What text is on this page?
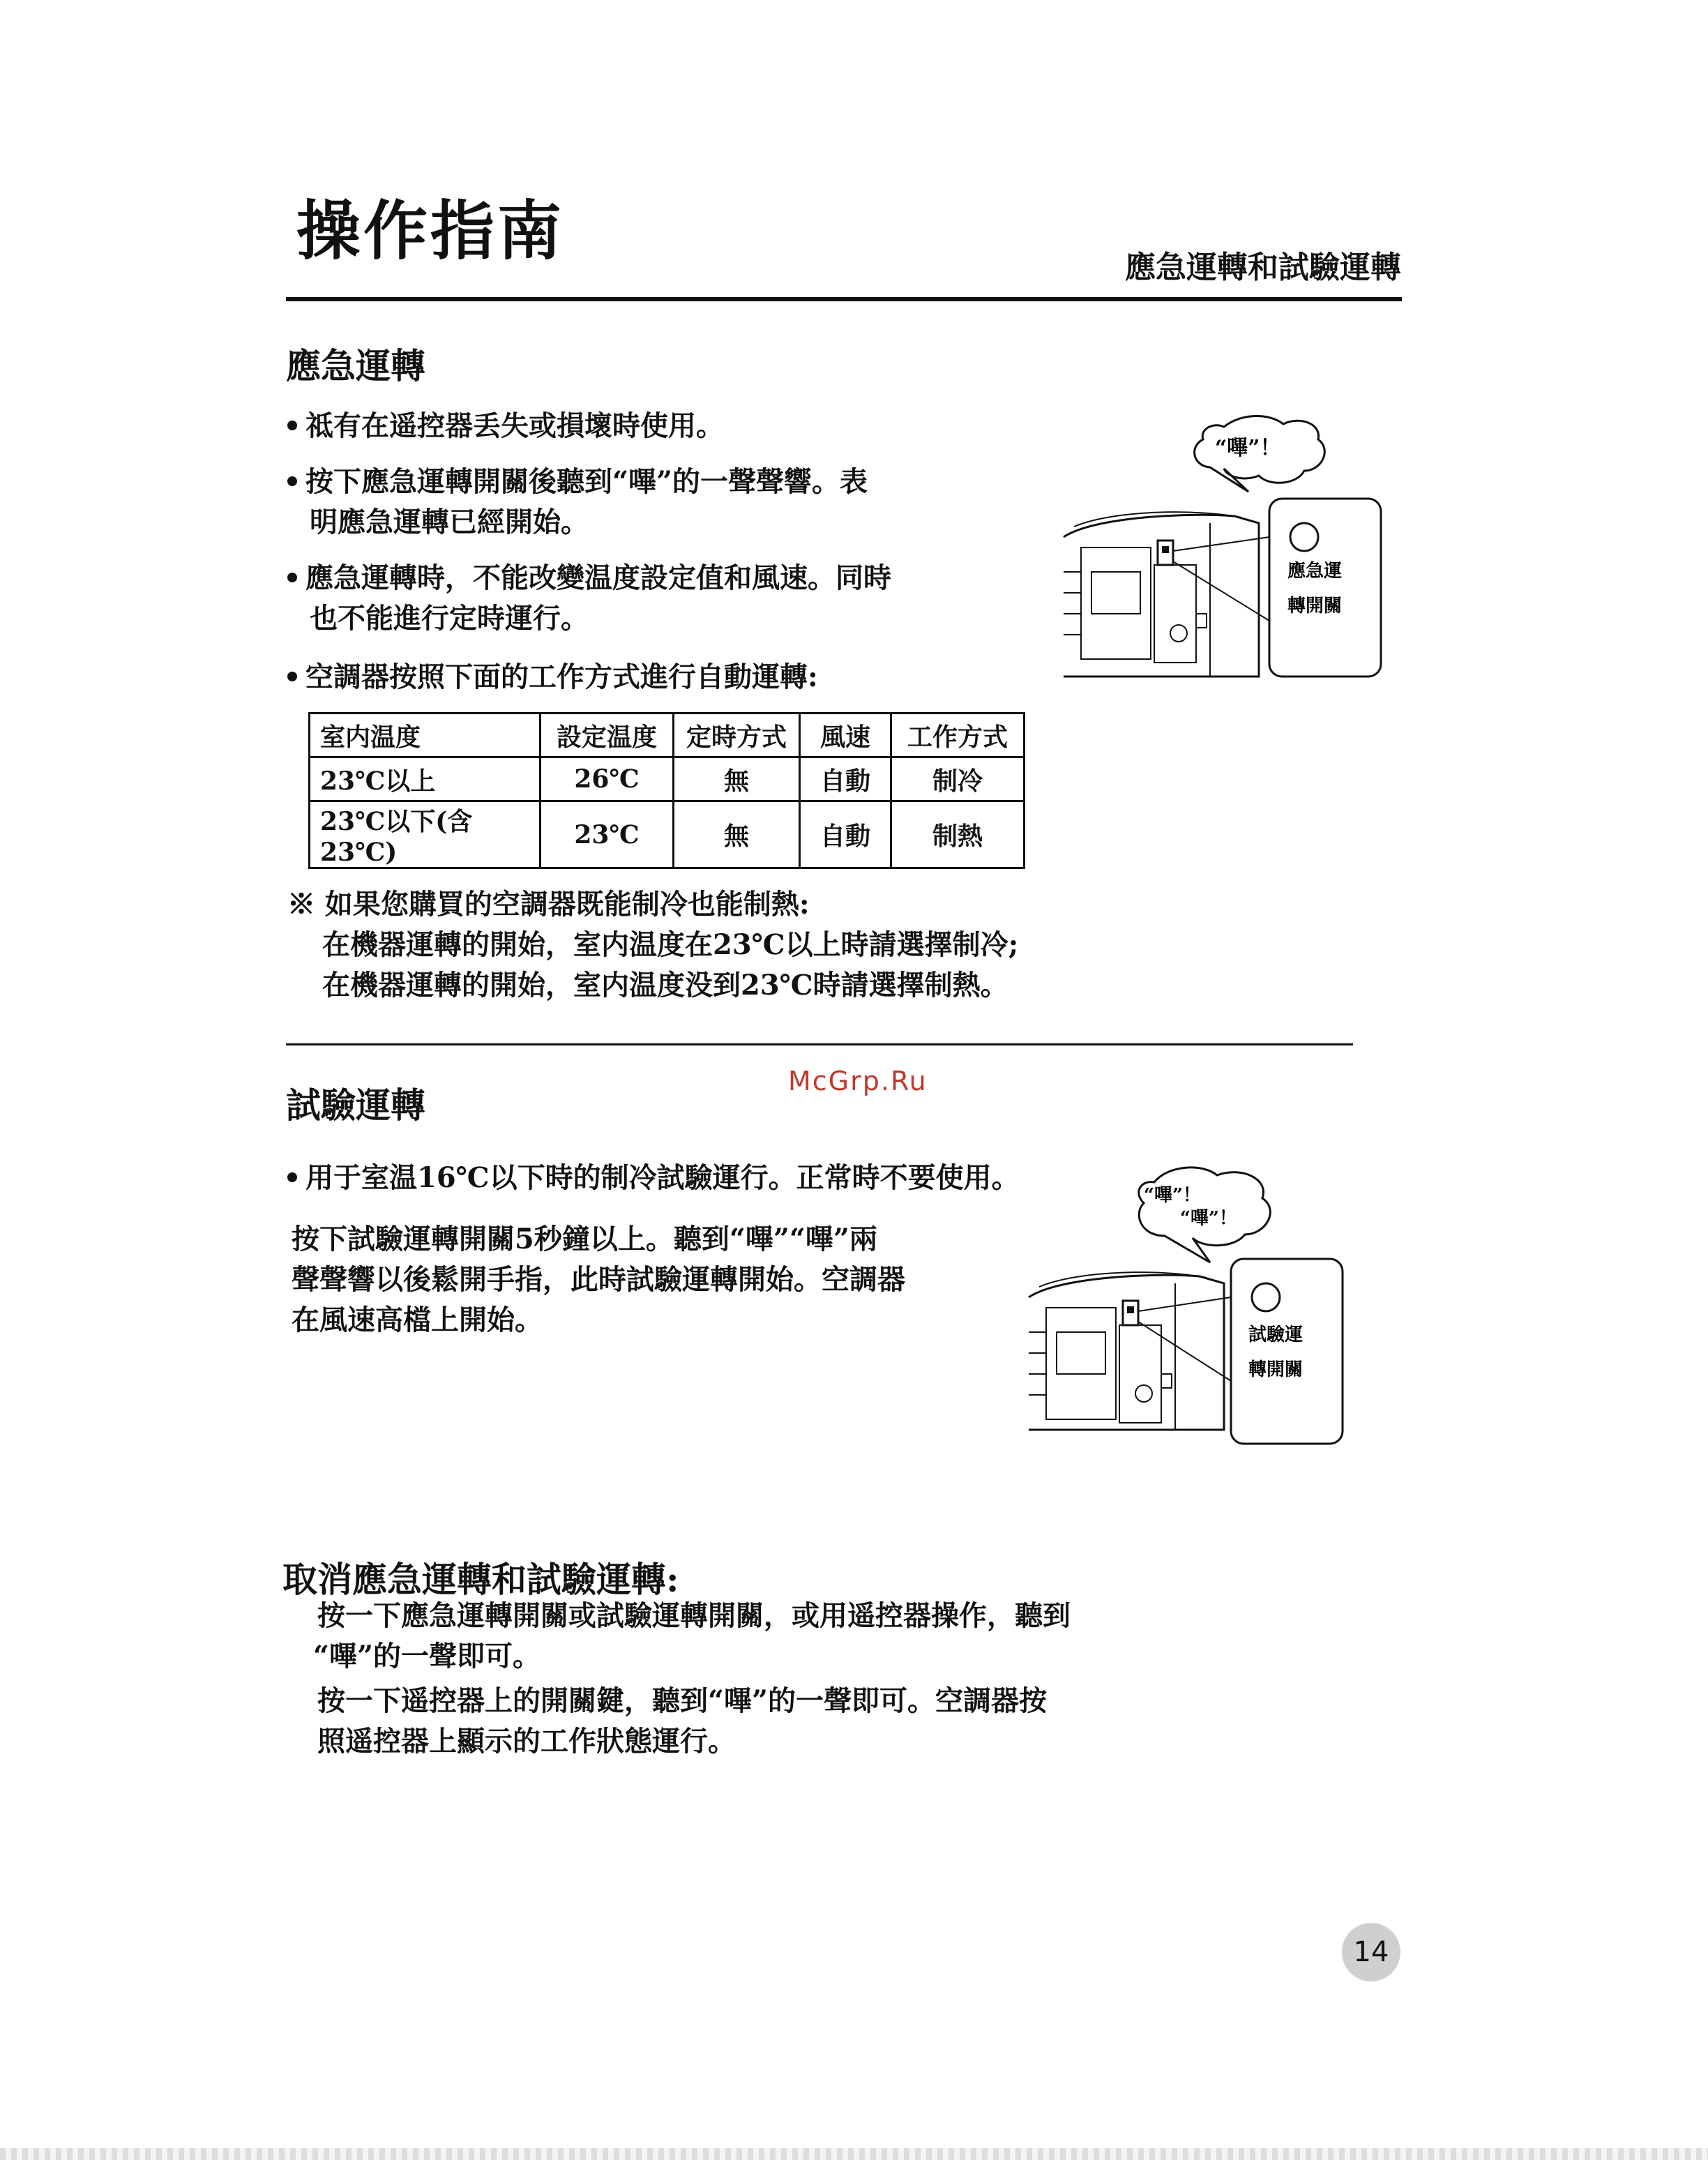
操作指南	應急運轉和試驗運轉
應急運轉
祗有在遥控器丢失或損壞時使用。
按下應急運轉開關後聽到“嗶”的一聲聲響。表
明應急運轉已經開始。
應急運轉時，不能改變温度設定值和風速。同時
也不能進行定時運行。
空調器按照下面的工作方式進行自動運轉:
室内温度	設定温度	定時方式	風速	工作方式
23℃以上	26℃	無	自動	制冷
23℃以下(含23℃)	23℃	無	自動	制熱
※ 如果您購買的空調器既能制冷也能制熱:
在機器運轉的開始，室内温度在23℃以上時請選擇制冷;
在機器運轉的開始，室内温度没到23℃時請選擇制熱。
“嗶”！
應急運
轉開關
McGrp.Ru
試驗運轉
用于室温16℃以下時的制冷試驗運行。正常時不要使用。
按下試驗運轉開關5秒鐘以上。聽到“嗶”“嗶”兩
聲聲響以後鬆開手指，此時試驗運轉開始。空調器
在風速高檔上開始。
“嗶”！
“嗶”！
試驗運
轉開關
取消應急運轉和試驗運轉:
按一下應急運轉開關或試驗運轉開關，或用遥控器操作，聽到
“嗶”的一聲即可。
按一下遥控器上的開關鍵，聽到“嗶”的一聲即可。空調器按
照遥控器上顯示的工作狀態運行。
14
